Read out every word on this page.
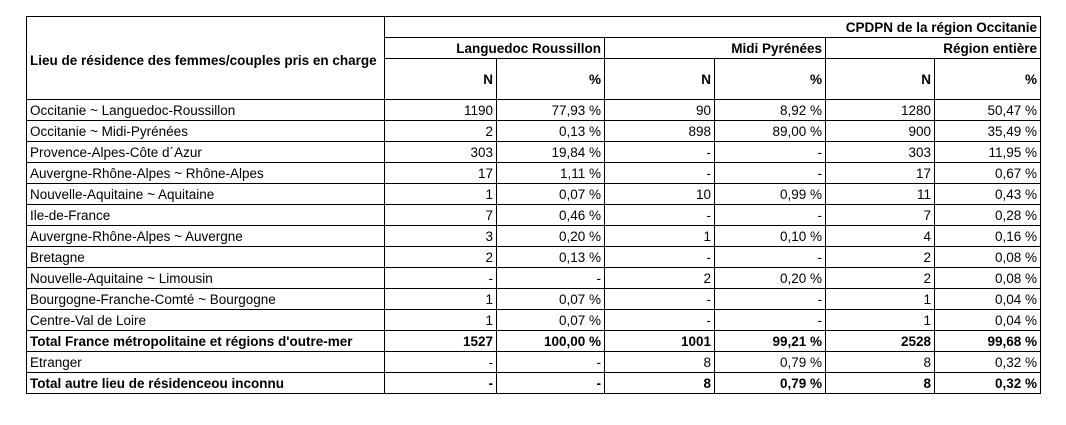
Lieu de résidence des femmes/couples pris en charge	CPDPN de la région Occitanie					
	Languedoc Roussillon		Midi Pyrénées		Région entière	
	N	%	N	%	N	%
Occitanie ~ Languedoc-Roussillon	1190	77,93 %	90	8,92 %	1280	50,47 %
Occitanie ~ Midi-Pyrénées	2	0,13 %	898	89,00 %	900	35,49 %
Provence-Alpes-Côte d´Azur	303	19,84 %	-	-	303	11,95 %
Auvergne-Rhône-Alpes ~ Rhône-Alpes	17	1,11 %	-	-	17	0,67 %
Nouvelle-Aquitaine ~ Aquitaine	1	0,07 %	10	0,99 %	11	0,43 %
Ile-de-France	7	0,46 %	-	-	7	0,28 %
Auvergne-Rhône-Alpes ~ Auvergne	3	0,20 %	1	0,10 %	4	0,16 %
Bretagne	2	0,13 %	-	-	2	0,08 %
Nouvelle-Aquitaine ~ Limousin	-	-	2	0,20 %	2	0,08 %
Bourgogne-Franche-Comté ~ Bourgogne	1	0,07 %	-	-	1	0,04 %
Centre-Val de Loire	1	0,07 %	-	-	1	0,04 %
Total France métropolitaine et régions d'outre-mer	1527	100,00 %	1001	99,21 %	2528	99,68 %
Etranger	-	-	8	0,79 %	8	0,32 %
Total autre lieu de résidenceou inconnu	-	-	8	0,79 %	8	0,32 %
